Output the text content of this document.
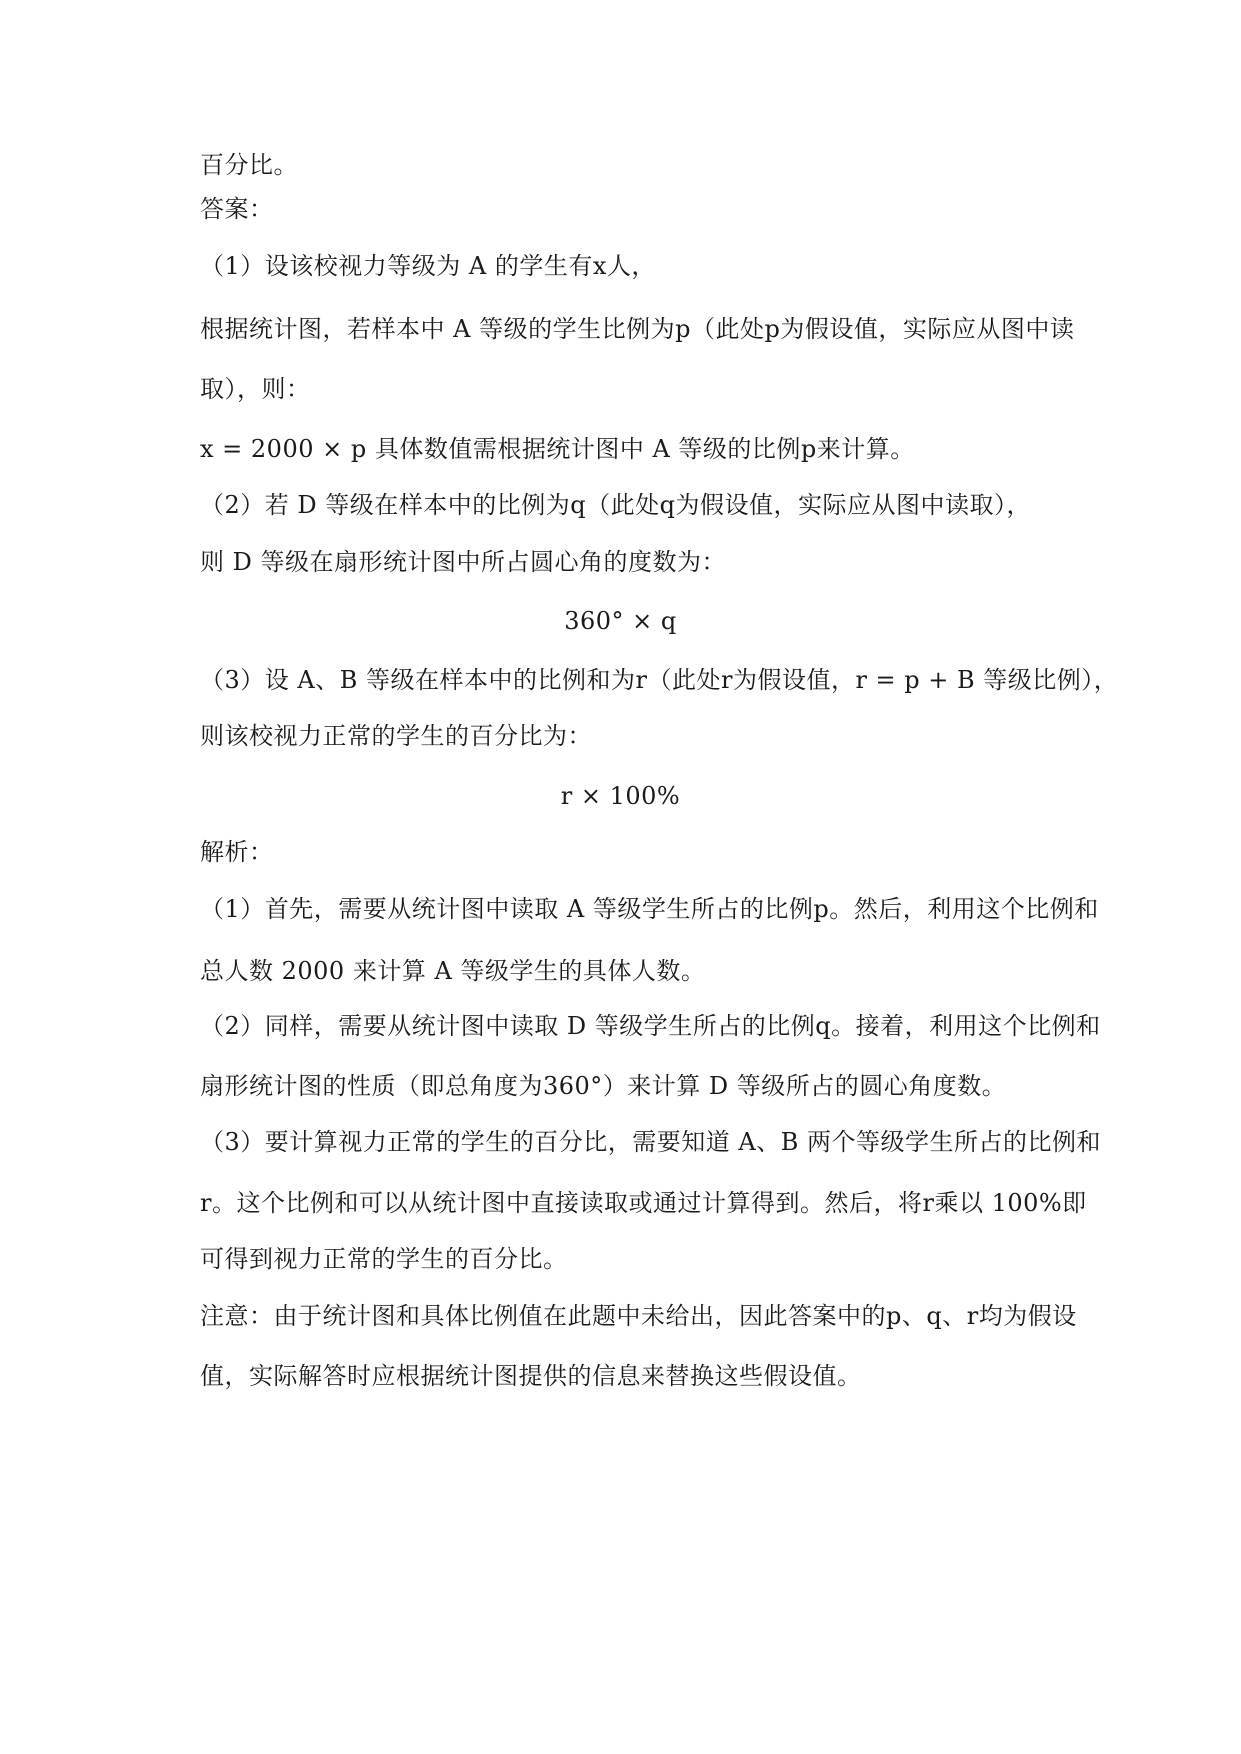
百分比。
答案：
（1）设该校视力等级为 A 的学生有x人，
根据统计图，若样本中 A 等级的学生比例为p（此处p为假设值，实际应从图中读
取），则：
x = 2000 × p 具体数值需根据统计图中 A 等级的比例p来计算。
（2）若 D 等级在样本中的比例为q（此处q为假设值，实际应从图中读取），
则 D 等级在扇形统计图中所占圆心角的度数为：
360° × q
（3）设 A、B 等级在样本中的比例和为r（此处r为假设值，r = p + B 等级比例），
则该校视力正常的学生的百分比为：
r × 100%
解析：
（1）首先，需要从统计图中读取 A 等级学生所占的比例p。然后，利用这个比例和
总人数 2000 来计算 A 等级学生的具体人数。
（2）同样，需要从统计图中读取 D 等级学生所占的比例q。接着，利用这个比例和
扇形统计图的性质（即总角度为360°）来计算 D 等级所占的圆心角度数。
（3）要计算视力正常的学生的百分比，需要知道 A、B 两个等级学生所占的比例和
r。这个比例和可以从统计图中直接读取或通过计算得到。然后，将r乘以 100%即
可得到视力正常的学生的百分比。
注意：由于统计图和具体比例值在此题中未给出，因此答案中的p、q、r均为假设
值，实际解答时应根据统计图提供的信息来替换这些假设值。
